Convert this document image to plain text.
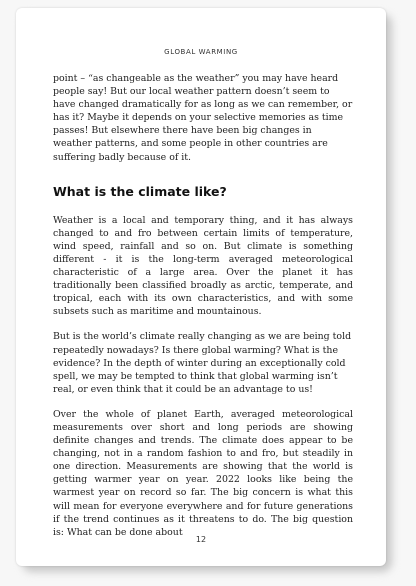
GLOBAL WARMING

point – “as changeable as the weather” you may have heard people say! But our local weather pattern doesn’t seem to have changed dramatically for as long as we can remember, or has it? Maybe it depends on your selective memories as time passes! But elsewhere there have been big changes in weather patterns, and some people in other countries are suffering badly because of it.

What is the climate like?

Weather is a local and temporary thing, and it has always changed to and fro between certain limits of temperature, wind speed, rainfall and so on. But climate is something different - it is the long-term averaged meteorological characteristic of a large area. Over the planet it has traditionally been classified broadly as arctic, temperate, and tropical, each with its own characteristics, and with some subsets such as maritime and mountainous.

But is the world’s climate really changing as we are being told repeatedly nowadays? Is there global warming? What is the evidence? In the depth of winter during an exceptionally cold spell, we may be tempted to think that global warming isn’t real, or even think that it could be an advantage to us!

Over the whole of planet Earth, averaged meteorological measurements over short and long periods are showing definite changes and trends. The climate does appear to be changing, not in a random fashion to and fro, but steadily in one direction. Measurements are showing that the world is getting warmer year on year. 2022 looks like being the warmest year on record so far. The big concern is what this will mean for everyone everywhere and for future generations if the trend continues as it threatens to do. The big question is: What can be done about

12
